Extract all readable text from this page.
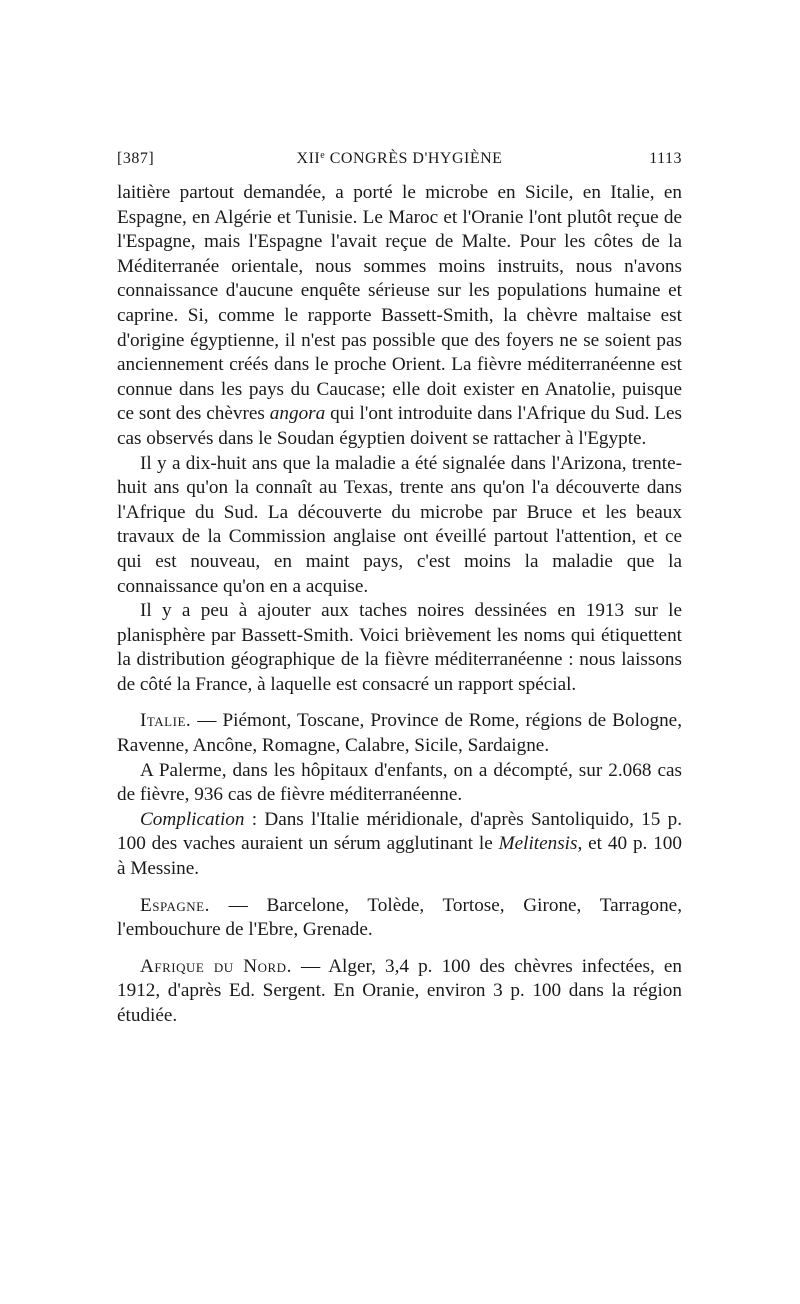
[387]	XIIe CONGRÈS D'HYGIÈNE	1113

laitière partout demandée, a porté le microbe en Sicile, en Italie, en Espagne, en Algérie et Tunisie. Le Maroc et l'Oranie l'ont plutôt reçue de l'Espagne, mais l'Espagne l'avait reçue de Malte. Pour les côtes de la Méditerranée orientale, nous sommes moins instruits, nous n'avons connaissance d'aucune enquête sérieuse sur les populations humaine et caprine. Si, comme le rapporte Bassett-Smith, la chèvre maltaise est d'origine égyptienne, il n'est pas possible que des foyers ne se soient pas anciennement créés dans le proche Orient. La fièvre méditerranéenne est connue dans les pays du Caucase; elle doit exister en Anatolie, puisque ce sont des chèvres angora qui l'ont introduite dans l'Afrique du Sud. Les cas observés dans le Soudan égyptien doivent se rattacher à l'Egypte.

Il y a dix-huit ans que la maladie a été signalée dans l'Arizona, trente-huit ans qu'on la connaît au Texas, trente ans qu'on l'a découverte dans l'Afrique du Sud. La découverte du microbe par Bruce et les beaux travaux de la Commission anglaise ont éveillé partout l'attention, et ce qui est nouveau, en maint pays, c'est moins la maladie que la connaissance qu'on en a acquise.

Il y a peu à ajouter aux taches noires dessinées en 1913 sur le planisphère par Bassett-Smith. Voici brièvement les noms qui étiquettent la distribution géographique de la fièvre méditerranéenne : nous laissons de côté la France, à laquelle est consacré un rapport spécial.

Italie. — Piémont, Toscane, Province de Rome, régions de Bologne, Ravenne, Ancône, Romagne, Calabre, Sicile, Sardaigne.

A Palerme, dans les hôpitaux d'enfants, on a décompté, sur 2.068 cas de fièvre, 936 cas de fièvre méditerranéenne.

Complication : Dans l'Italie méridionale, d'après Santoliquido, 15 p. 100 des vaches auraient un sérum agglutinant le Melitensis, et 40 p. 100 à Messine.

Espagne. — Barcelone, Tolède, Tortose, Girone, Tarragone, l'embouchure de l'Ebre, Grenade.

Afrique du Nord. — Alger, 3,4 p. 100 des chèvres infectées, en 1912, d'après Ed. Sergent. En Oranie, environ 3 p. 100 dans la région étudiée.
